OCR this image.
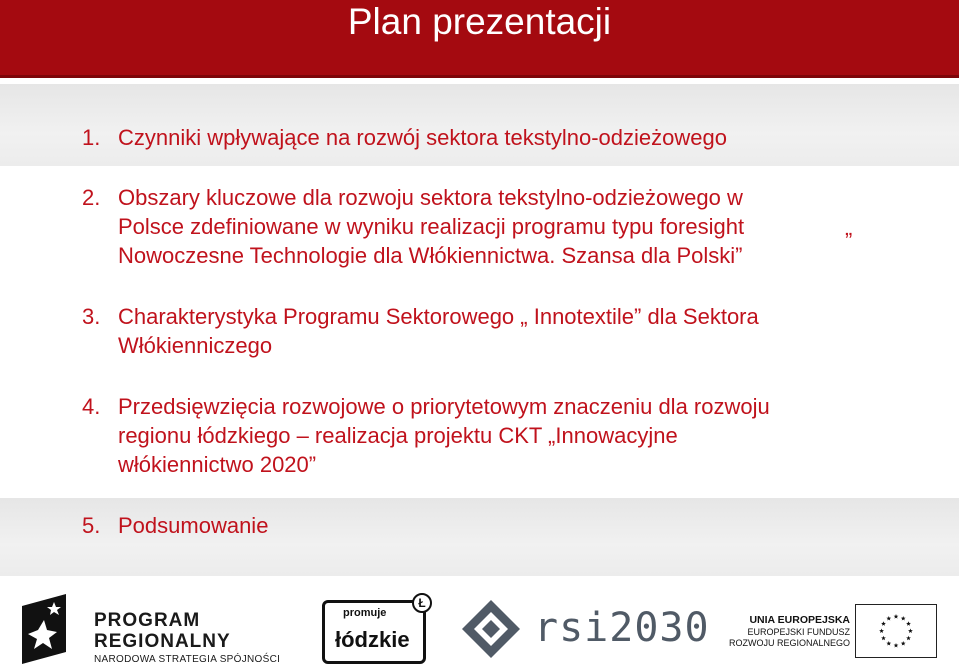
Plan prezentacji
1. Czynniki wpływające na rozwój sektora tekstylno-odzieżowego
2. Obszary kluczowe dla rozwoju sektora tekstylno-odzieżowego w
Polsce zdefiniowane w wyniku realizacji programu typu foresight
Nowoczesne Technologie dla Włókiennictwa. Szansa dla Polski”
„
3. Charakterystyka Programu Sektorowego „ Innotextile” dla Sektora
Włókienniczego
4. Przedsięwzięcia rozwojowe o priorytetowym znaczeniu dla rozwoju
regionu łódzkiego – realizacja projektu CKT „Innowacyjne
włókiennictwo 2020”
5. Podsumowanie
PROGRAM
REGIONALNY
NARODOWA STRATEGIA SPÓJNOŚCI
promuje
łódzkie
Ł
rsi2030	UNIA EUROPEJSKA
EUROPEJSKI FUNDUSZ
ROZWOJU REGIONALNEGO
